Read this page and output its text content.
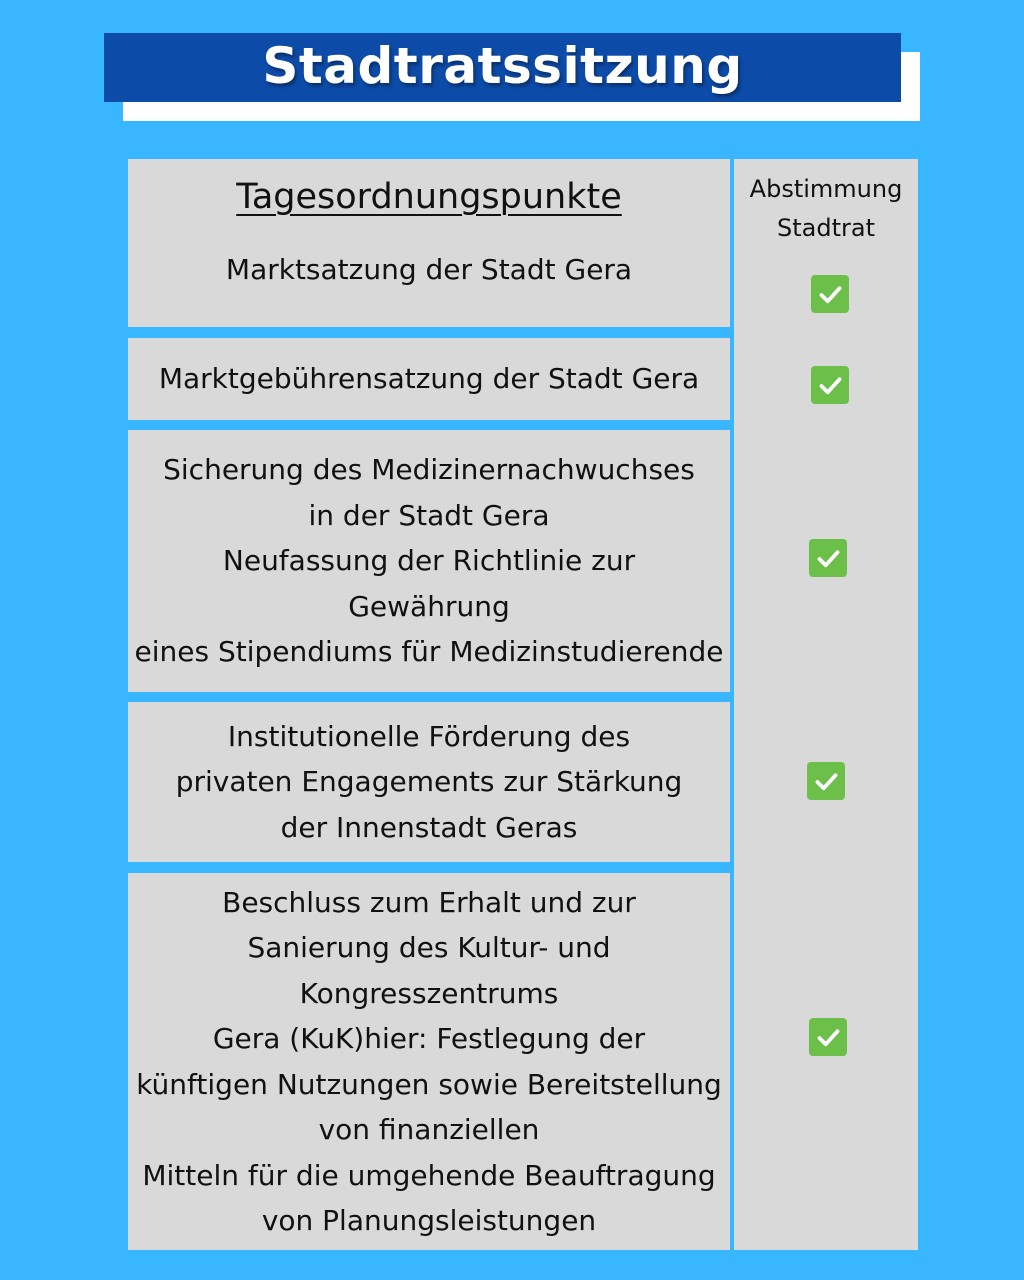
Stadtratssitzung
Abstimmung
Stadtrat
Tagesordnungspunkte
Marktsatzung der Stadt Gera
Marktgebührensatzung der Stadt Gera
Sicherung des Medizinernachwuchses
in der Stadt Gera
Neufassung der Richtlinie zur
Gewährung
eines Stipendiums für Medizinstudierende
Institutionelle Förderung des
privaten Engagements zur Stärkung
der Innenstadt Geras
Beschluss zum Erhalt und zur
Sanierung des Kultur- und
Kongresszentrums
Gera (KuK)hier: Festlegung der
künftigen Nutzungen sowie Bereitstellung
von finanziellen
Mitteln für die umgehende Beauftragung
von Planungsleistungen
